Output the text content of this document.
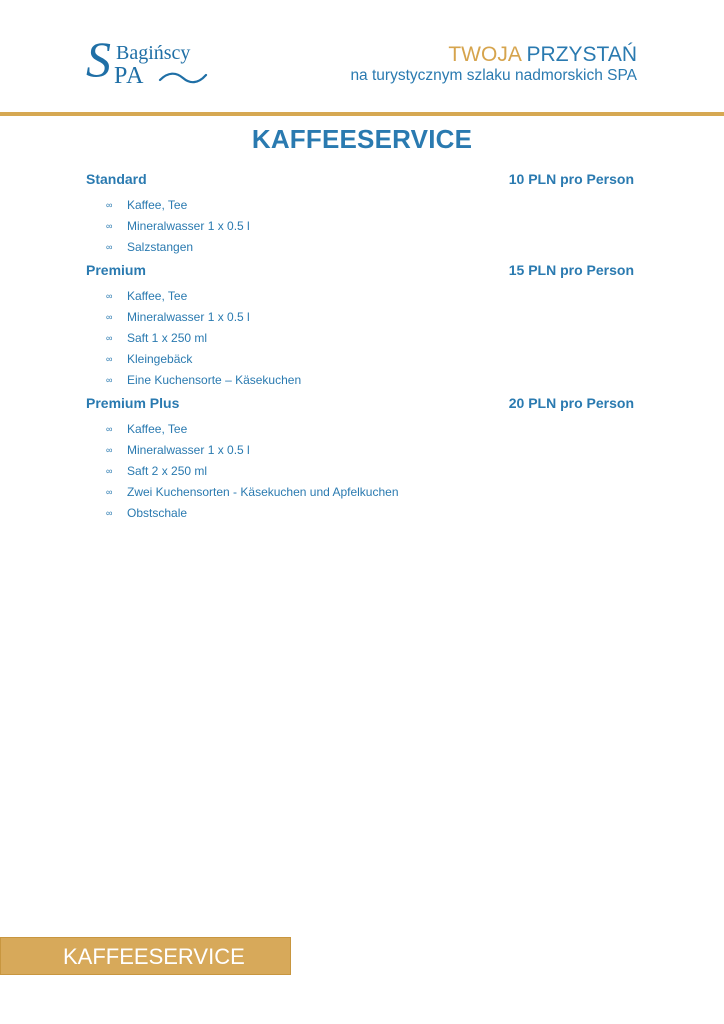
S Bagińscy
PA
TWOJA PRZYSTAŃ
na turystycznym szlaku nadmorskich SPA
KAFFEESERVICE
Standard	10 PLN pro Person
∞	Kaffee, Tee
∞	Mineralwasser 1 x 0.5 l
∞	Salzstangen
Premium	15 PLN pro Person
∞	Kaffee, Tee
∞	Mineralwasser 1 x 0.5 l
∞	Saft 1 x 250 ml
∞	Kleingebäck
∞	Eine Kuchensorte – Käsekuchen
Premium Plus	20 PLN pro Person
∞	Kaffee, Tee
∞	Mineralwasser 1 x 0.5 l
∞	Saft 2 x 250 ml
∞	Zwei Kuchensorten - Käsekuchen und Apfelkuchen
∞	Obstschale
KAFFEESERVICE
